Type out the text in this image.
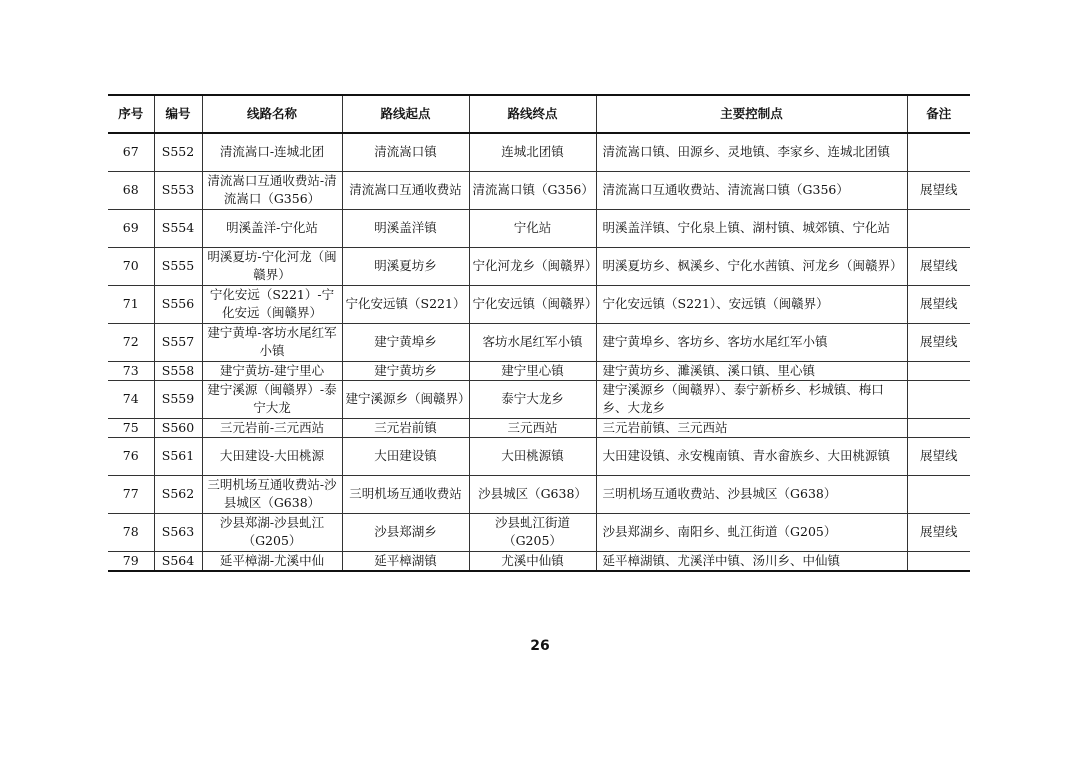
序号	编号	线路名称	路线起点	路线终点	主要控制点	备注
67	S552	清流嵩口-连城北团	清流嵩口镇	连城北团镇	清流嵩口镇、田源乡、灵地镇、李家乡、连城北团镇	
68	S553	清流嵩口互通收费站-清流嵩口（G356）	清流嵩口互通收费站	清流嵩口镇（G356）	清流嵩口互通收费站、清流嵩口镇（G356）	展望线
69	S554	明溪盖洋-宁化站	明溪盖洋镇	宁化站	明溪盖洋镇、宁化泉上镇、湖村镇、城郊镇、宁化站	
70	S555	明溪夏坊-宁化河龙（闽赣界）	明溪夏坊乡	宁化河龙乡（闽赣界）	明溪夏坊乡、枫溪乡、宁化水茜镇、河龙乡（闽赣界）	展望线
71	S556	宁化安远（S221）-宁化安远（闽赣界）	宁化安远镇（S221）	宁化安远镇（闽赣界）	宁化安远镇（S221）、安远镇（闽赣界）	展望线
72	S557	建宁黄埠-客坊水尾红军小镇	建宁黄埠乡	客坊水尾红军小镇	建宁黄埠乡、客坊乡、客坊水尾红军小镇	展望线
73	S558	建宁黄坊-建宁里心	建宁黄坊乡	建宁里心镇	建宁黄坊乡、濉溪镇、溪口镇、里心镇	
74	S559	建宁溪源（闽赣界）-泰宁大龙	建宁溪源乡（闽赣界）	泰宁大龙乡	建宁溪源乡（闽赣界）、泰宁新桥乡、杉城镇、梅口乡、大龙乡	
75	S560	三元岩前-三元西站	三元岩前镇	三元西站	三元岩前镇、三元西站	
76	S561	大田建设-大田桃源	大田建设镇	大田桃源镇	大田建设镇、永安槐南镇、青水畲族乡、大田桃源镇	展望线
77	S562	三明机场互通收费站-沙县城区（G638）	三明机场互通收费站	沙县城区（G638）	三明机场互通收费站、沙县城区（G638）	
78	S563	沙县郑湖-沙县虬江（G205）	沙县郑湖乡	沙县虬江街道（G205）	沙县郑湖乡、南阳乡、虬江街道（G205）	展望线
79	S564	延平樟湖-尤溪中仙	延平樟湖镇	尤溪中仙镇	延平樟湖镇、尤溪洋中镇、汤川乡、中仙镇	
26
